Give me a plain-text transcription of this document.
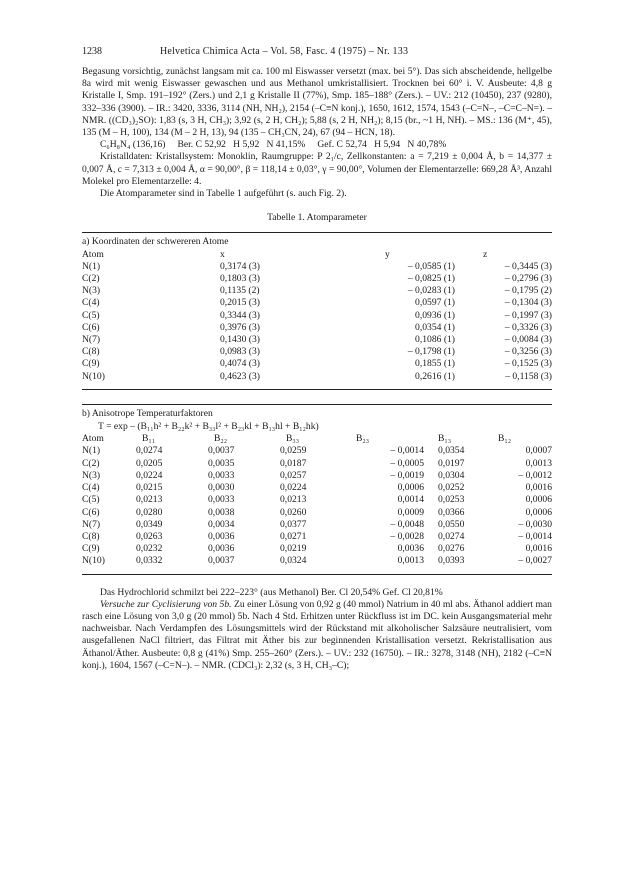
1238	Helvetica Chimica Acta – Vol. 58, Fasc. 4 (1975) – Nr. 133

Begasung vorsichtig, zunächst langsam mit ca. 100 ml Eiswasser versetzt (max. bei 5°). Das sich abscheidende, hellgelbe 8a wird mit wenig Eiswasser gewaschen und aus Methanol umkristallisiert. Trocknen bei 60° i. V. Ausbeute: 4,8 g Kristalle I, Smp. 191–192° (Zers.) und 2,1 g Kristalle II (77%), Smp. 185–188° (Zers.). – UV.: 212 (10450), 237 (9280), 332–336 (3900). – IR.: 3420, 3336, 3114 (NH, NH₂), 2154 (–C≡N konj.), 1650, 1612, 1574, 1543 (–C=N–, –C=C–N=). – NMR. ((CD₃)₂SO): 1,83 (s, 3 H, CH₃); 3,92 (s, 2 H, CH₂); 5,88 (s, 2 H, NH₂); 8,15 (br., ~1 H, NH). – MS.: 136 (M⁺, 45), 135 (M – H, 100), 134 (M – 2 H, 13), 94 (135 – CH₃CN, 24), 67 (94 – HCN, 18).

C₆H₈N₄ (136,16)     Ber. C 52,92   H 5,92   N 41,15%     Gef. C 52,74   H 5,94   N 40,78%

Kristalldaten: Kristallsystem: Monoklin, Raumgruppe: P 2₁/c, Zellkonstanten: a = 7,219 ± 0,004 Å, b = 14,377 ± 0,007 Å, c = 7,313 ± 0,004 Å, α = 90,00°, β = 118,14 ± 0,03°, γ = 90,00°, Volumen der Elementarzelle: 669,28 Å³, Anzahl Molekel pro Elementarzelle: 4.

Die Atomparameter sind in Tabelle 1 aufgeführt (s. auch Fig. 2).

Tabelle 1. Atomparameter
a) Koordinaten der schwereren Atome
Atom	x	y	z
N(1)	0,3174 (3)	– 0,0585 (1)	– 0,3445 (3)
C(2)	0,1803 (3)	– 0,0825 (1)	– 0,2796 (3)
N(3)	0,1135 (2)	– 0,0283 (1)	– 0,1795 (2)
C(4)	0,2015 (3)	0,0597 (1)	– 0,1304 (3)
C(5)	0,3344 (3)	0,0936 (1)	– 0,1997 (3)
C(6)	0,3976 (3)	0,0354 (1)	– 0,3326 (3)
N(7)	0,1430 (3)	0,1086 (1)	– 0,0084 (3)
C(8)	0,0983 (3)	– 0,1798 (1)	– 0,3256 (3)
C(9)	0,4074 (3)	0,1855 (1)	– 0,1525 (3)
N(10)	0,4623 (3)	0,2616 (1)	– 0,1158 (3)
b) Anisotrope Temperaturfaktoren
T = exp – (B₁₁h² + B₂₂k² + B₃₃l² + B₂₃kl + B₁₃hl + B₁₂hk)
Atom	B₁₁	B₂₂	B₃₃	B₂₃	B₁₃	B₁₂
N(1)	0,0274	0,0037	0,0259	– 0,0014	0,0354	0,0007
C(2)	0,0205	0,0035	0,0187	– 0,0005	0,0197	0,0013
N(3)	0,0224	0,0033	0,0257	– 0,0019	0,0304	– 0,0012
C(4)	0,0215	0,0030	0,0224	0,0006	0,0252	0,0016
C(5)	0,0213	0,0033	0,0213	0,0014	0,0253	0,0006
C(6)	0,0280	0,0038	0,0260	0,0009	0,0366	0,0006
N(7)	0,0349	0,0034	0,0377	– 0,0048	0,0550	– 0,0030
C(8)	0,0263	0,0036	0,0271	– 0,0028	0,0274	– 0,0014
C(9)	0,0232	0,0036	0,0219	0,0036	0,0276	0,0016
N(10)	0,0332	0,0037	0,0324	0,0013	0,0393	– 0,0027

Das Hydrochlorid schmilzt bei 222–223° (aus Methanol) Ber. Cl 20,54% Gef. Cl 20,81%

Versuche zur Cyclisierung von 5b. Zu einer Lösung von 0,92 g (40 mmol) Natrium in 40 ml abs. Äthanol addiert man rasch eine Lösung von 3,0 g (20 mmol) 5b. Nach 4 Std. Erhitzen unter Rückfluss ist im DC. kein Ausgangsmaterial mehr nachweisbar. Nach Verdampfen des Lösungsmittels wird der Rückstand mit alkoholischer Salzsäure neutralisiert, vom ausgefallenen NaCl filtriert, das Filtrat mit Äther bis zur beginnenden Kristallisation versetzt. Rekristallisation aus Äthanol/Äther. Ausbeute: 0,8 g (41%) Smp. 255–260° (Zers.). – UV.: 232 (16750). – IR.: 3278, 3148 (NH), 2182 (–C≡N konj.), 1604, 1567 (–C=N–). – NMR. (CDCl₃): 2,32 (s, 3 H, CH₃–C);
